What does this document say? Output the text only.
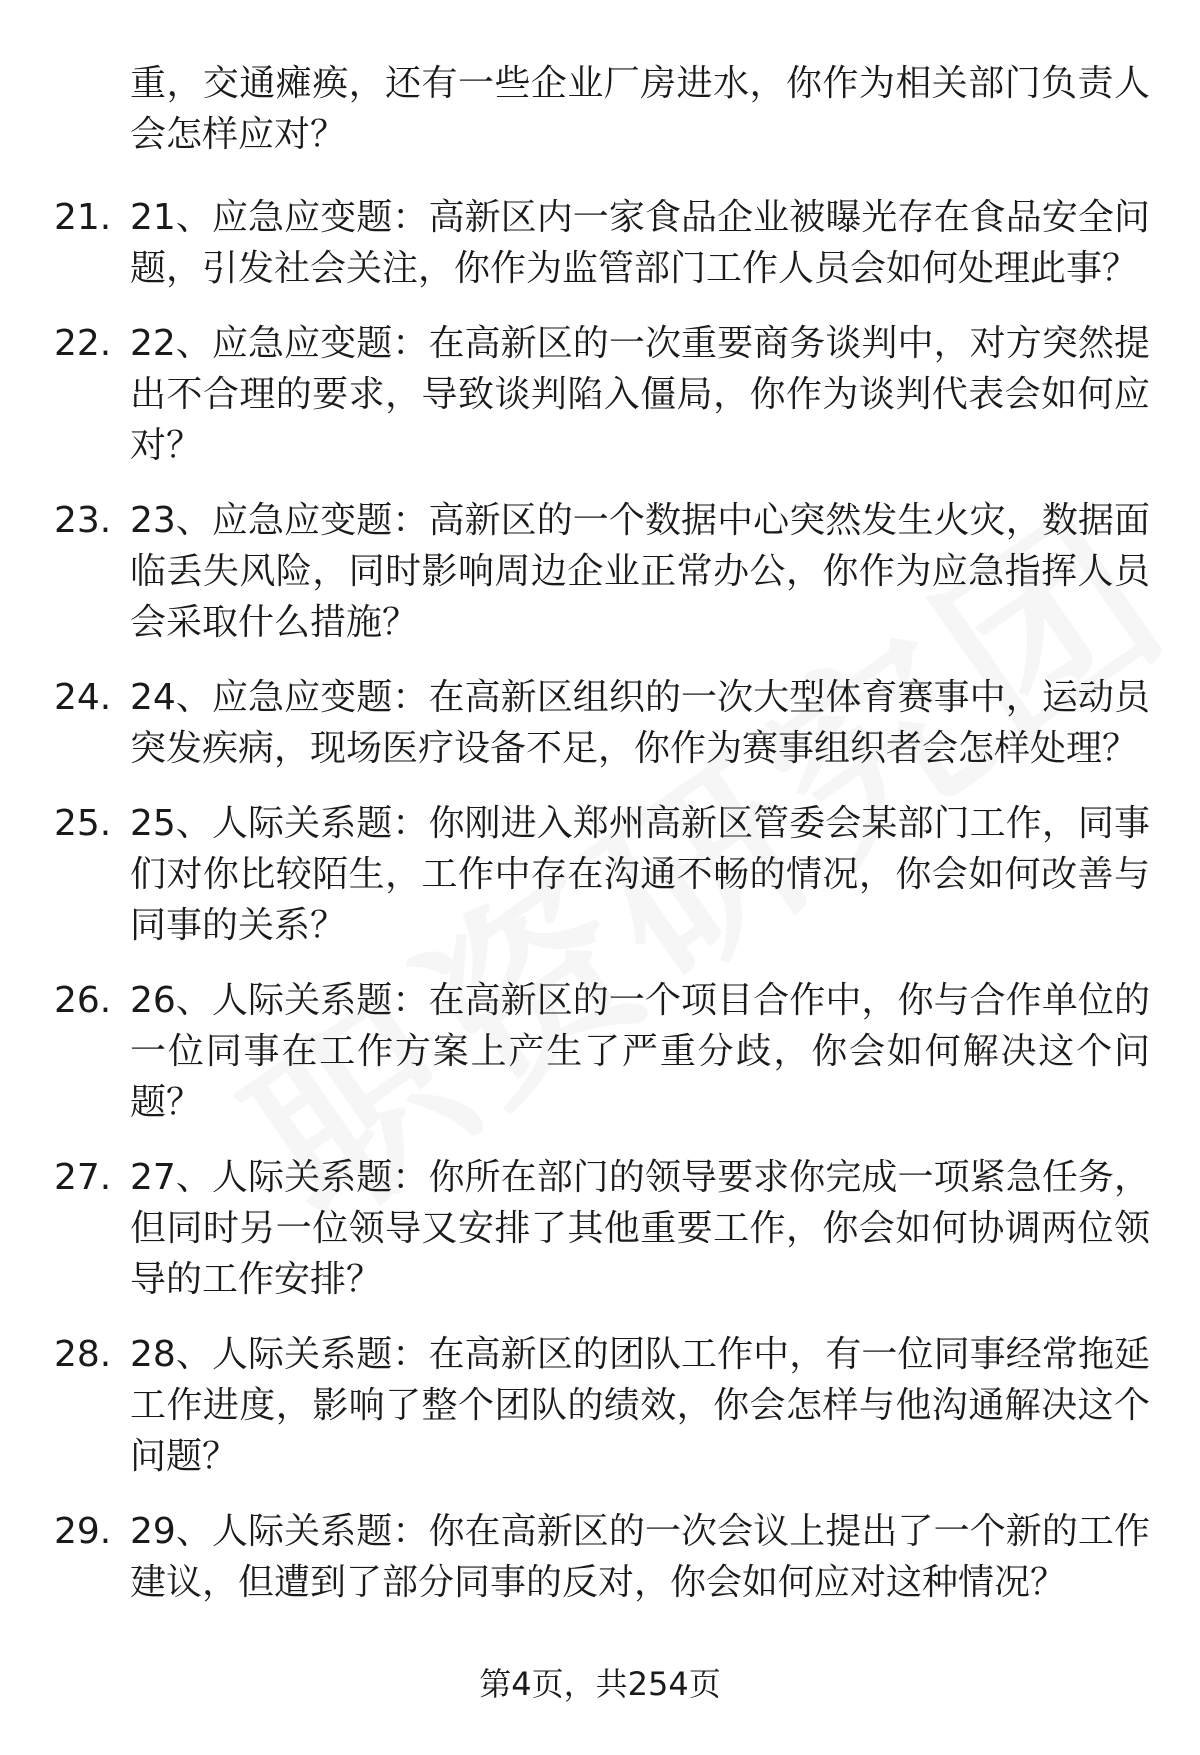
重，交通瘫痪，还有一些企业厂房进水，你作为相关部门负责人会怎样应对？

21. 21、应急应变题：高新区内一家食品企业被曝光存在食品安全问题，引发社会关注，你作为监管部门工作人员会如何处理此事？
22. 22、应急应变题：在高新区的一次重要商务谈判中，对方突然提出不合理的要求，导致谈判陷入僵局，你作为谈判代表会如何应对？
23. 23、应急应变题：高新区的一个数据中心突然发生火灾，数据面临丢失风险，同时影响周边企业正常办公，你作为应急指挥人员会采取什么措施？
24. 24、应急应变题：在高新区组织的一次大型体育赛事中，运动员突发疾病，现场医疗设备不足，你作为赛事组织者会怎样处理？
25. 25、人际关系题：你刚进入郑州高新区管委会某部门工作，同事们对你比较陌生，工作中存在沟通不畅的情况，你会如何改善与同事的关系？
26. 26、人际关系题：在高新区的一个项目合作中，你与合作单位的一位同事在工作方案上产生了严重分歧，你会如何解决这个问题？
27. 27、人际关系题：你所在部门的领导要求你完成一项紧急任务，但同时另一位领导又安排了其他重要工作，你会如何协调两位领导的工作安排？
28. 28、人际关系题：在高新区的团队工作中，有一位同事经常拖延工作进度，影响了整个团队的绩效，你会怎样与他沟通解决这个问题？
29. 29、人际关系题：你在高新区的一次会议上提出了一个新的工作建议，但遭到了部分同事的反对，你会如何应对这种情况？
第4页，共254页
